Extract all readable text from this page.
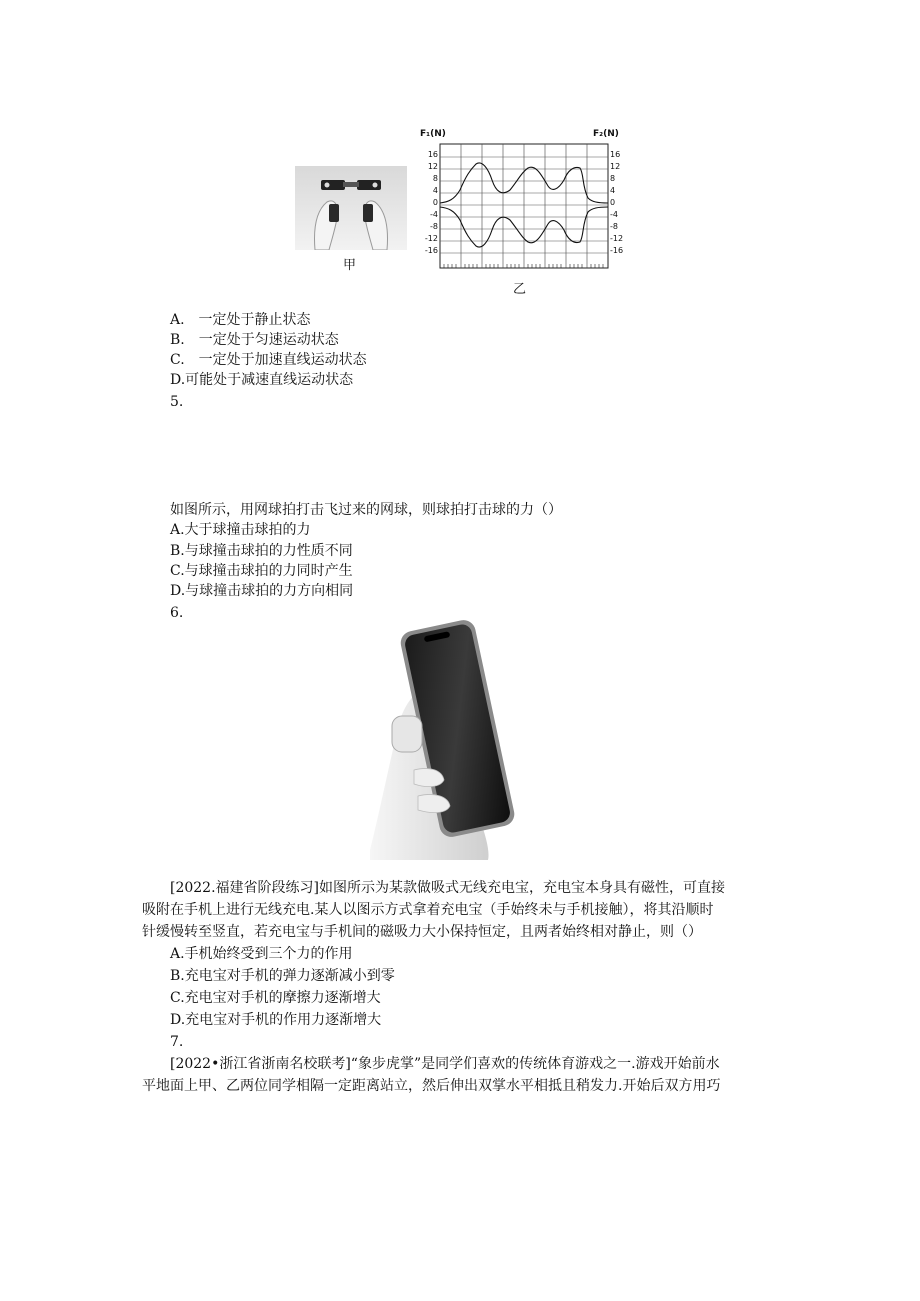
甲
F₁(N)	F₂(N)
16
12
8
4
0
-4
-8
-12
-16
16
12
8
4
0
-4
-8
-12
-16
乙
A.　一定处于静止状态
B.　一定处于匀速运动状态
C.　一定处于加速直线运动状态
D.可能处于减速直线运动状态
5.
如图所示，用网球拍打击飞过来的网球，则球拍打击球的力（）
A.大于球撞击球拍的力
B.与球撞击球拍的力性质不同
C.与球撞击球拍的力同时产生
D.与球撞击球拍的力方向相同
6.
[2022.福建省阶段练习]如图所示为某款做吸式无线充电宝，充电宝本身具有磁性，可直接
吸附在手机上进行无线充电.某人以图示方式拿着充电宝（手始终未与手机接触），将其沿顺时
针缓慢转至竖直，若充电宝与手机间的磁吸力大小保持恒定，且两者始终相对静止，则（）
A.手机始终受到三个力的作用
B.充电宝对手机的弹力逐渐减小到零
C.充电宝对手机的摩擦力逐渐增大
D.充电宝对手机的作用力逐渐增大
7.
[2022•浙江省浙南名校联考]“象步虎掌”是同学们喜欢的传统体育游戏之一.游戏开始前水
平地面上甲、乙两位同学相隔一定距离站立，然后伸出双掌水平相抵且稍发力.开始后双方用巧
